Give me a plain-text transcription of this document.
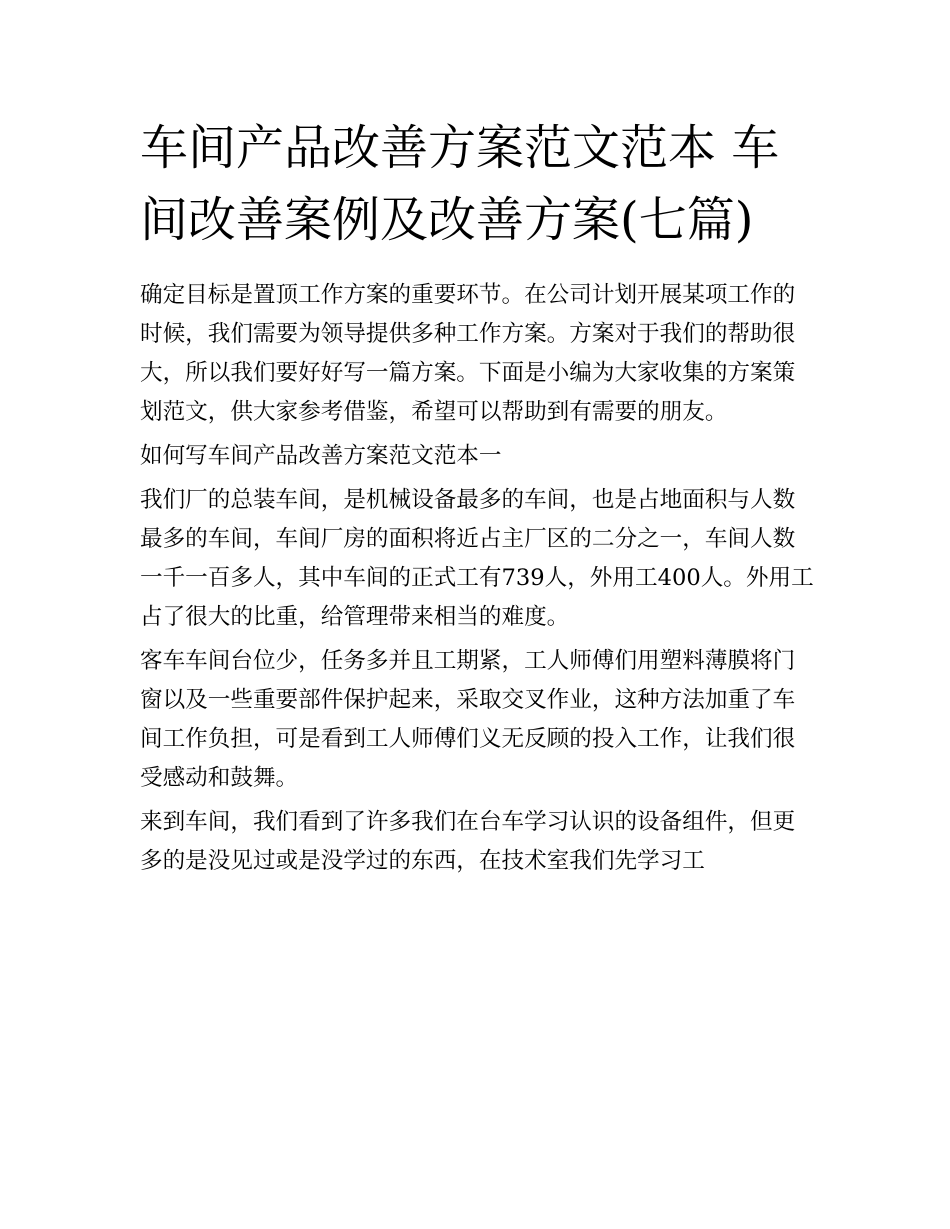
车间产品改善方案范文范本 车间改善案例及改善方案(七篇)

确定目标是置顶工作方案的重要环节。在公司计划开展某项工作的时候，我们需要为领导提供多种工作方案。方案对于我们的帮助很大，所以我们要好好写一篇方案。下面是小编为大家收集的方案策划范文，供大家参考借鉴，希望可以帮助到有需要的朋友。

如何写车间产品改善方案范文范本一

我们厂的总装车间，是机械设备最多的车间，也是占地面积与人数最多的车间，车间厂房的面积将近占主厂区的二分之一，车间人数一千一百多人，其中车间的正式工有739人，外用工400人。外用工占了很大的比重，给管理带来相当的难度。

客车车间台位少，任务多并且工期紧，工人师傅们用塑料薄膜将门窗以及一些重要部件保护起来，采取交叉作业，这种方法加重了车间工作负担，可是看到工人师傅们义无反顾的投入工作，让我们很受感动和鼓舞。

来到车间，我们看到了许多我们在台车学习认识的设备组件，但更多的是没见过或是没学过的东西，在技术室我们先学习工
